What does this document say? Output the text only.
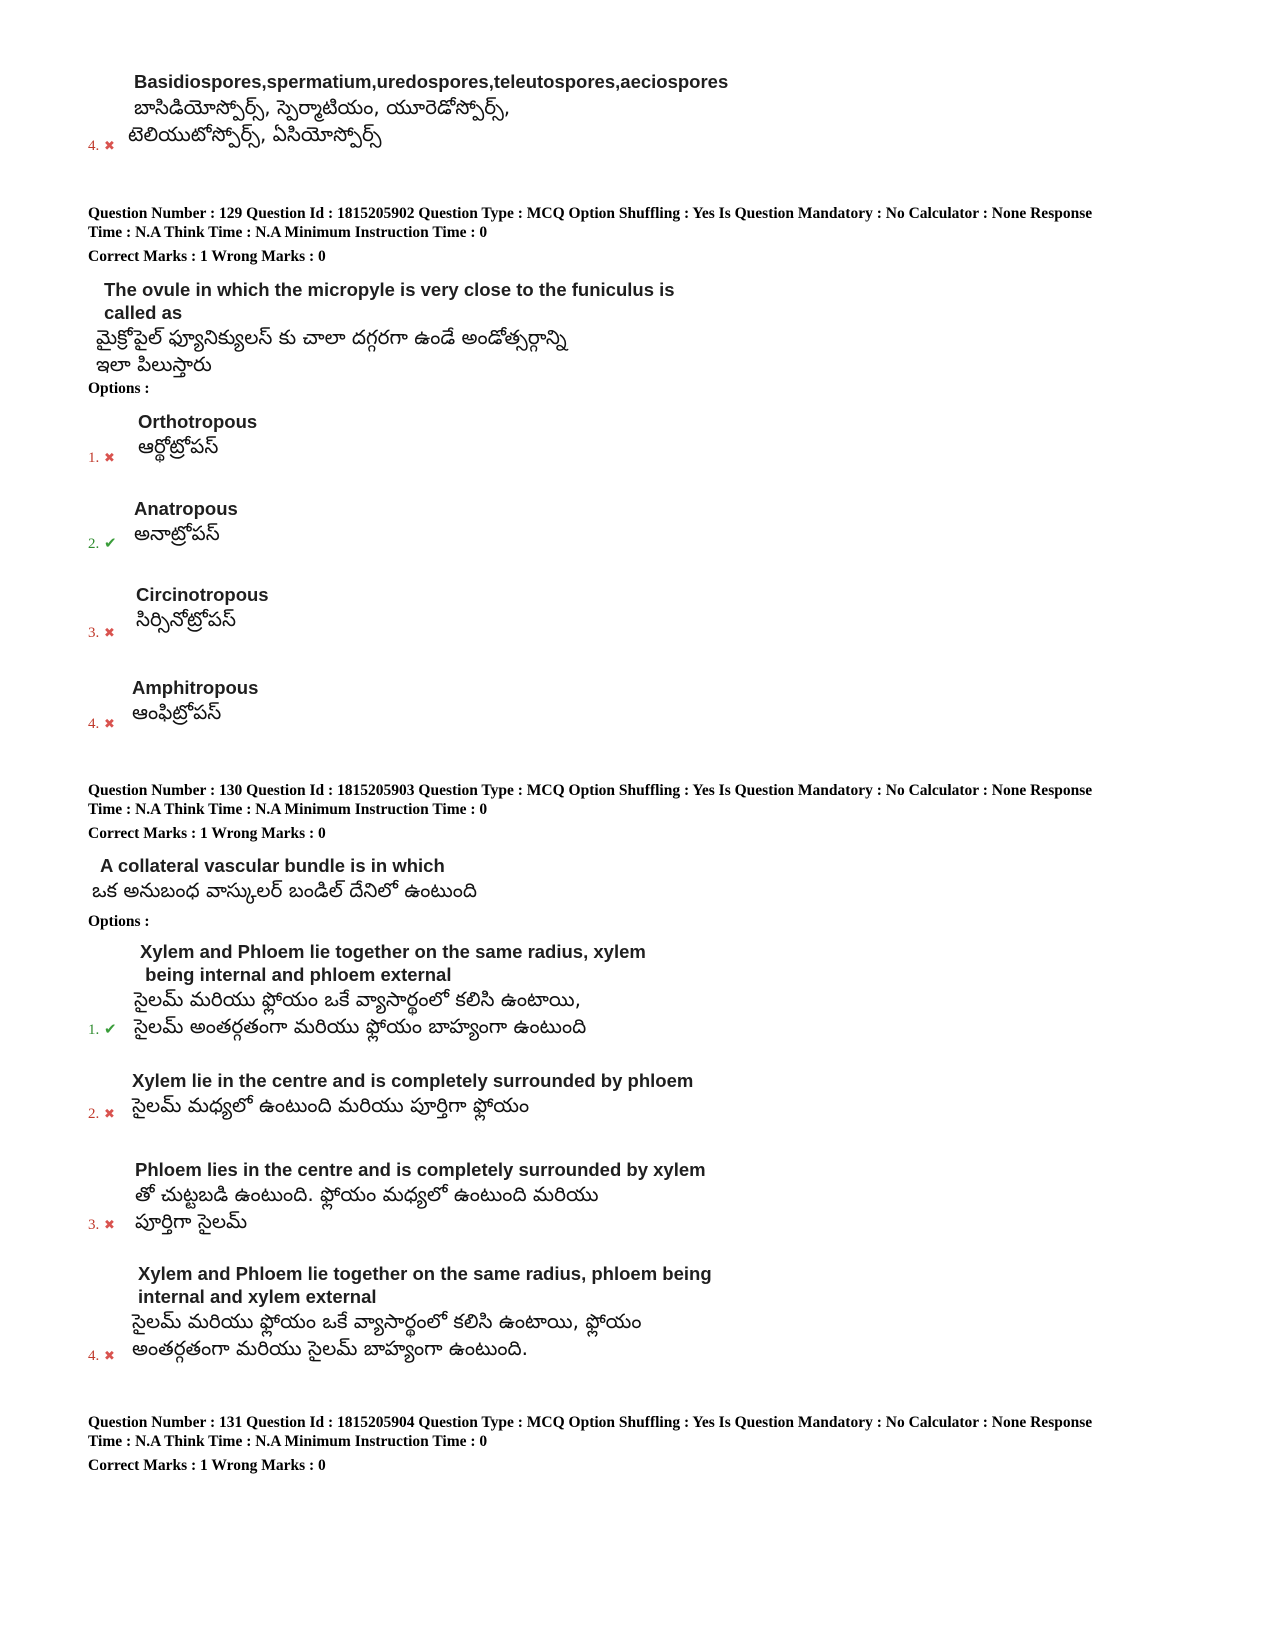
Basidiospores,spermatium,uredospores,teleutospores,aeciospores
బాసిడియోస్పోర్స్, స్పెర్మాటియం, యూరెడోస్పోర్స్,
టెలియుటోస్పోర్స్, ఏసియోస్పోర్స్
4. ✖
Question Number : 129 Question Id : 1815205902 Question Type : MCQ Option Shuffling : Yes Is Question Mandatory : No Calculator : None Response
Time : N.A Think Time : N.A Minimum Instruction Time : 0
Correct Marks : 1 Wrong Marks : 0
The ovule in which the micropyle is very close to the funiculus is
called as
మైక్రోపైల్ ఫ్యూనిక్యులస్ కు చాలా దగ్గరగా ఉండే అండోత్సర్గాన్ని
ఇలా పిలుస్తారు
Options :
Orthotropous
ఆర్థోట్రోపస్
1. ✖
Anatropous
అనాట్రోపస్
2. ✔
Circinotropous
సిర్సినోట్రోపస్
3. ✖
Amphitropous
ఆంఫిట్రోపస్
4. ✖
Question Number : 130 Question Id : 1815205903 Question Type : MCQ Option Shuffling : Yes Is Question Mandatory : No Calculator : None Response
Time : N.A Think Time : N.A Minimum Instruction Time : 0
Correct Marks : 1 Wrong Marks : 0
A collateral vascular bundle is in which
ఒక అనుబంధ వాస్కులర్ బండిల్ దేనిలో ఉంటుంది
Options :
Xylem and Phloem lie together on the same radius, xylem
being internal and phloem external
సైలమ్ మరియు ఫ్లోయం ఒకే వ్యాసార్థంలో కలిసి ఉంటాయి,
సైలమ్ అంతర్గతంగా మరియు ఫ్లోయం బాహ్యంగా ఉంటుంది
1. ✔
Xylem lie in the centre and is completely surrounded by phloem
సైలమ్ మధ్యలో ఉంటుంది మరియు పూర్తిగా ఫ్లోయం
2. ✖
Phloem lies in the centre and is completely surrounded by xylem
తో చుట్టబడి ఉంటుంది. ఫ్లోయం మధ్యలో ఉంటుంది మరియు
పూర్తిగా సైలమ్
3. ✖
Xylem and Phloem lie together on the same radius, phloem being
internal and xylem external
సైలమ్ మరియు ఫ్లోయం ఒకే వ్యాసార్థంలో కలిసి ఉంటాయి, ఫ్లోయం
అంతర్గతంగా మరియు సైలమ్ బాహ్యంగా ఉంటుంది.
4. ✖
Question Number : 131 Question Id : 1815205904 Question Type : MCQ Option Shuffling : Yes Is Question Mandatory : No Calculator : None Response
Time : N.A Think Time : N.A Minimum Instruction Time : 0
Correct Marks : 1 Wrong Marks : 0
